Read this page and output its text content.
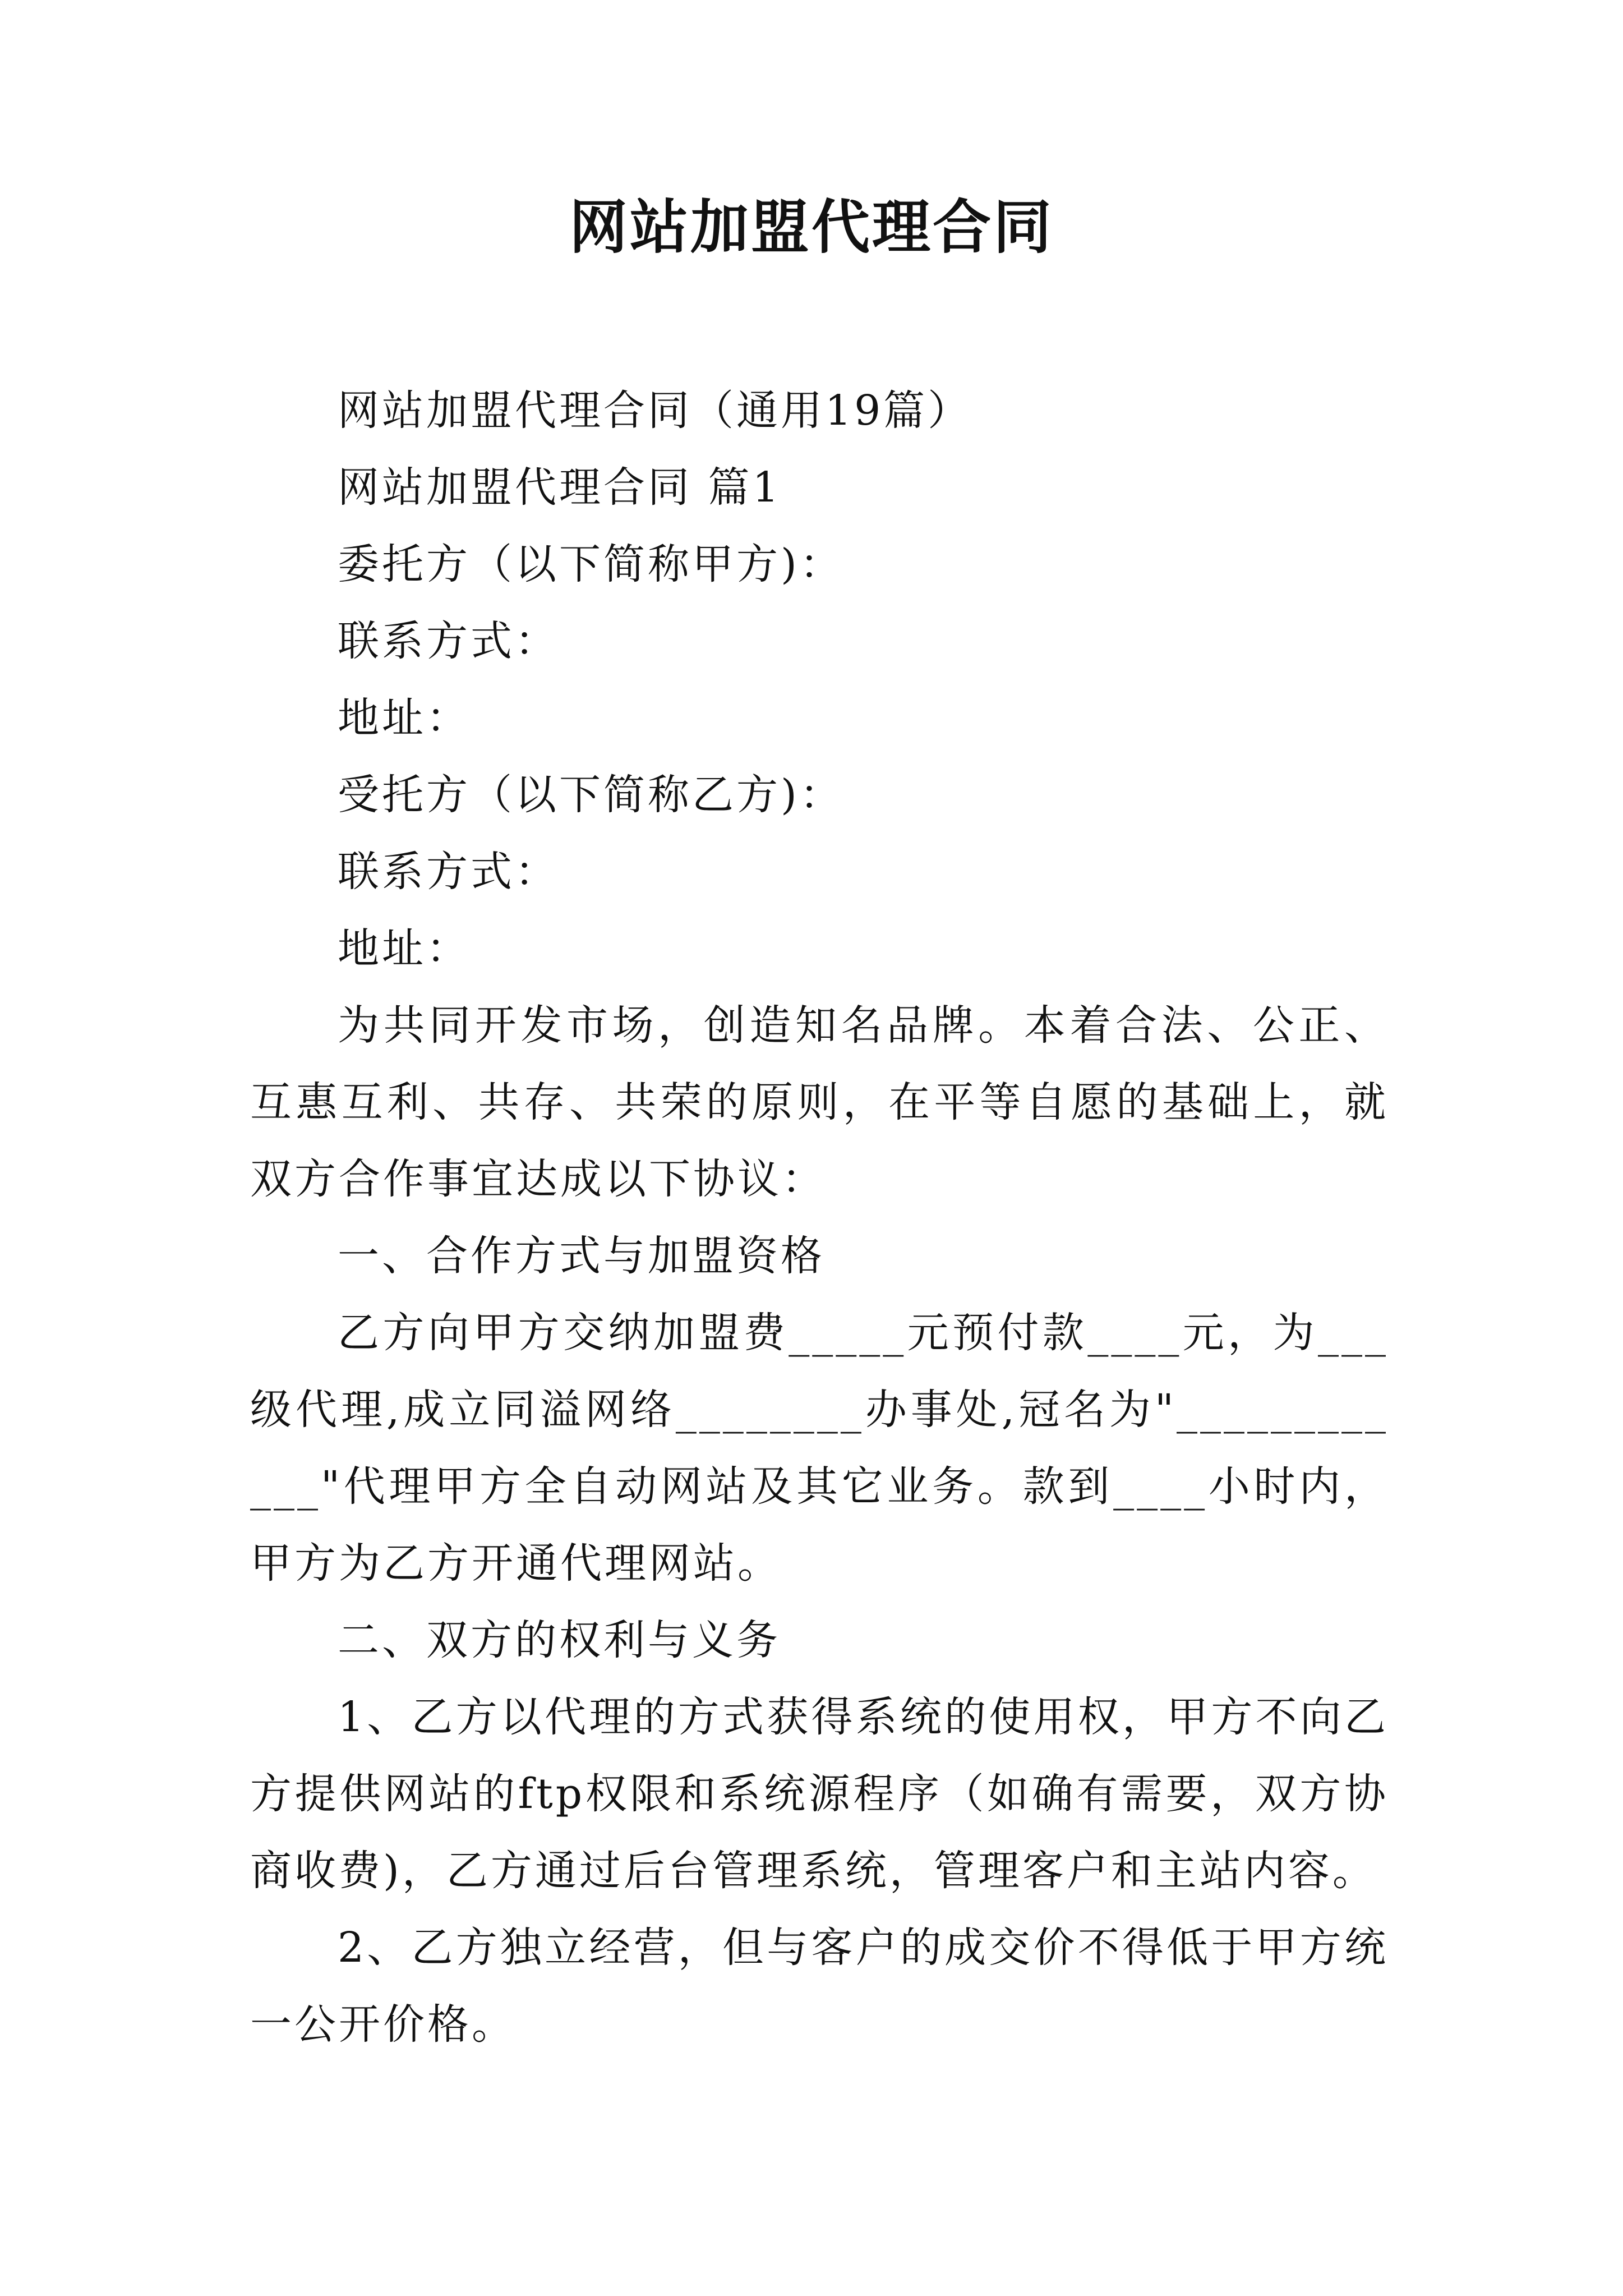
网站加盟代理合同

网站加盟代理合同（通用19篇）

网站加盟代理合同 篇1

委托方（以下简称甲方)：

联系方式：

地址：

受托方（以下简称乙方)：

联系方式：

地址：

为共同开发市场，创造知名品牌。本着合法、公正、互惠互利、共存、共荣的原则，在平等自愿的基础上，就双方合作事宜达成以下协议：

一、合作方式与加盟资格

乙方向甲方交纳加盟费_____元预付款____元，为___级代理,成立同溢网络________办事处,冠名为"____________"代理甲方全自动网站及其它业务。款到____小时内，甲方为乙方开通代理网站。

二、双方的权利与义务

1、乙方以代理的方式获得系统的使用权，甲方不向乙方提供网站的ftp权限和系统源程序（如确有需要，双方协商收费)，乙方通过后台管理系统，管理客户和主站内容。

2、乙方独立经营，但与客户的成交价不得低于甲方统一公开价格。
